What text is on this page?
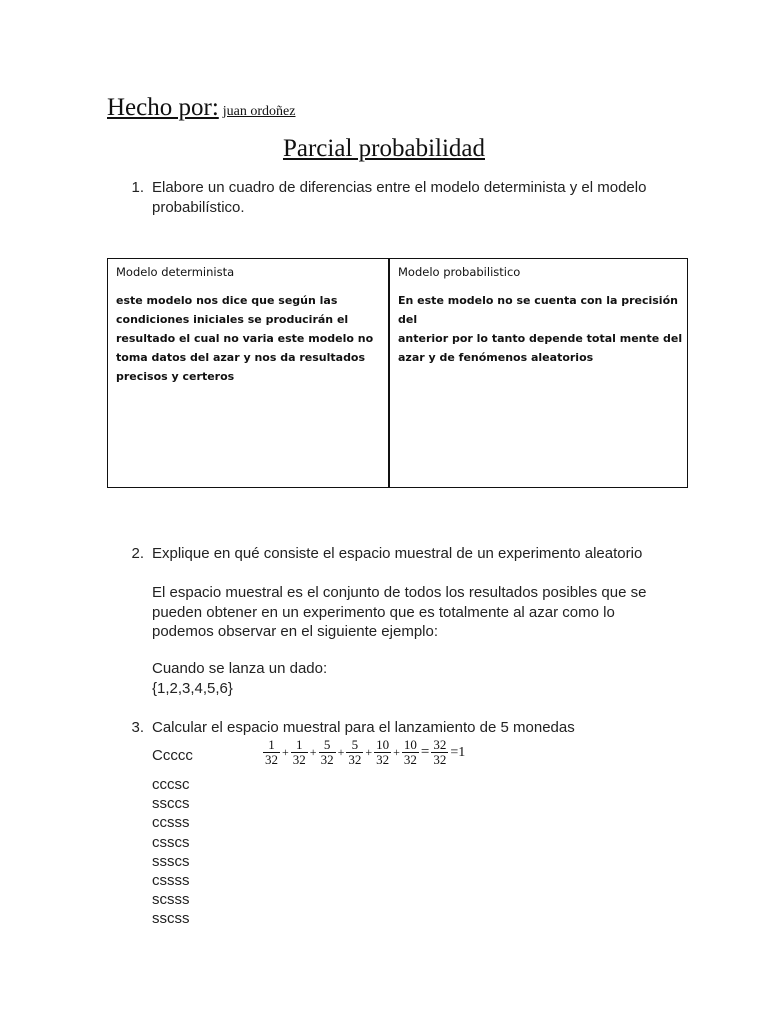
Hecho por: juan ordoñez
Parcial probabilidad
1. Elabore un cuadro de diferencias entre el modelo determinista y el modelo probabilístico.
Modelo determinista	Modelo probabilistico
este modelo nos dice que según las
condiciones iniciales se producirán el
resultado el cual no varia este modelo no
toma datos del azar y nos da resultados
precisos y certeros
En este modelo no se cuenta con la precisión del
anterior por lo tanto depende total mente del
azar y de fenómenos aleatorios
2. Explique en qué consiste el espacio muestral de un experimento aleatorio
El espacio muestral es el conjunto de todos los resultados posibles que se
pueden obtener en un experimento que es totalmente al azar como lo
podemos observar en el siguiente ejemplo:
Cuando se lanza un dado:
{1,2,3,4,5,6}
3. Calcular el espacio muestral para el lanzamiento de 5 monedas
Ccccc	$\frac{1}{32} + \frac{1}{32} + \frac{5}{32} + \frac{5}{32} + \frac{10}{32} + \frac{10}{32} = \frac{32}{32} =1$
cccsc
ssccs
ccsss
csscs
ssscs
cssss
scsss
sscss
